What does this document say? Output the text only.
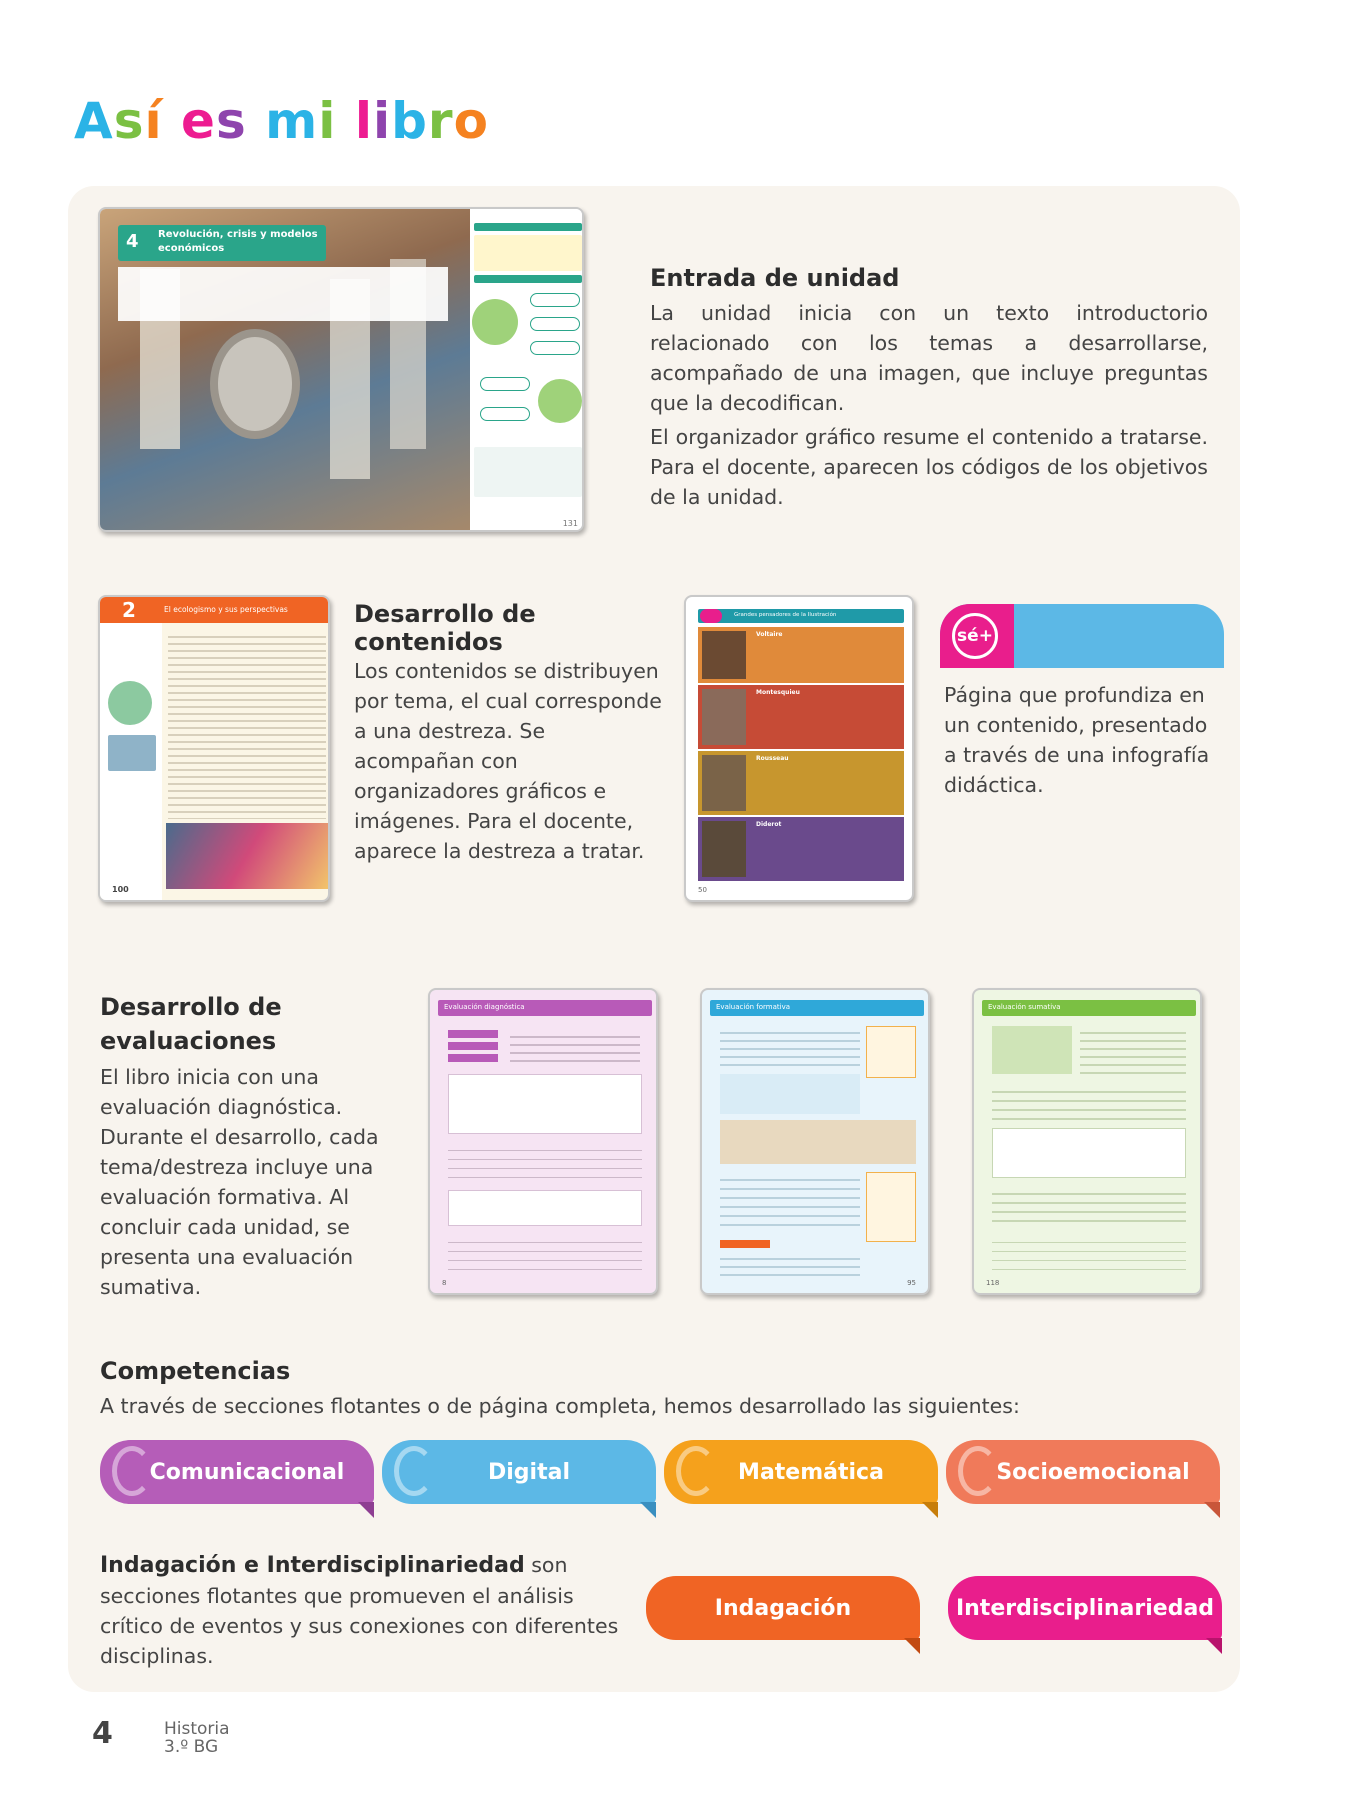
Así es mi libro
4 Revolución, crisis y modelos económicos
131
Entrada de unidad

La unidad inicia con un texto introductorio relacionado con los temas a desarrollarse, acompañado de una imagen, que incluye preguntas que la decodifican.

El organizador gráfico resume el contenido a tratarse. Para el docente, aparecen los códigos de los objetivos de la unidad.

2	El ecologismo y sus perspectivas
100
Desarrollo de contenidos

Los contenidos se distribuyen por tema, el cual corresponde a una destreza. Se acompañan con organizadores gráficos e imágenes. Para el docente, aparece la destreza a tratar.

Grandes pensadores de la Ilustración
Voltaire
Montesquieu
Rousseau
Diderot
50
sé+

Página que profundiza en un contenido, presentado a través de una infografía didáctica.

Desarrollo de
evaluaciones

El libro inicia con una evaluación diagnóstica. Durante el desarrollo, cada tema/destreza incluye una evaluación formativa. Al concluir cada unidad, se presenta una evaluación sumativa.

Evaluación diagnóstica
8
Evaluación formativa
95
Evaluación sumativa
118
Competencias

A través de secciones flotantes o de página completa, hemos desarrollado las siguientes:

Comunicacional	Digital	Matemática	Socioemocional

Indagación e Interdisciplinariedad son secciones flotantes que promueven el análisis crítico de eventos y sus conexiones con diferentes disciplinas.

Indagación	Interdisciplinariedad
4	Historia
3.º BG
